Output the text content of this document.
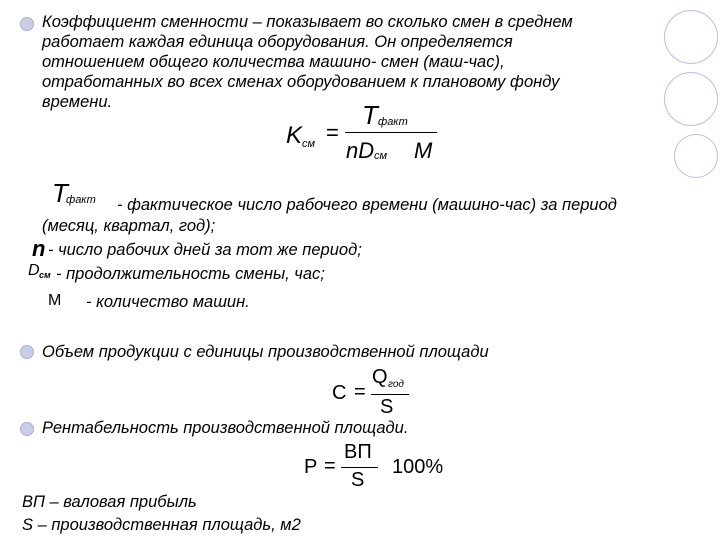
Коэффициент сменности – показывает во сколько смен в среднем
работает каждая единица оборудования. Он определяется
отношением общего количества машино- смен (маш-час),
отработанных во всех сменах оборудованием к плановому фонду
времени.
K см =
T факт
nD см M
T
факт - фактическое число рабочего времени (машино-час) за период
(месяц, квартал, год);
n - число рабочих дней за тот же период;
D см - продолжительность смены, час;
M - количество машин.
Объем продукции с единицы производственной площади
C =
Q год
S
Рентабельность производственной площади.
P =
ВП
S
100%
ВП – валовая прибыль
S – производственная площадь, м2
